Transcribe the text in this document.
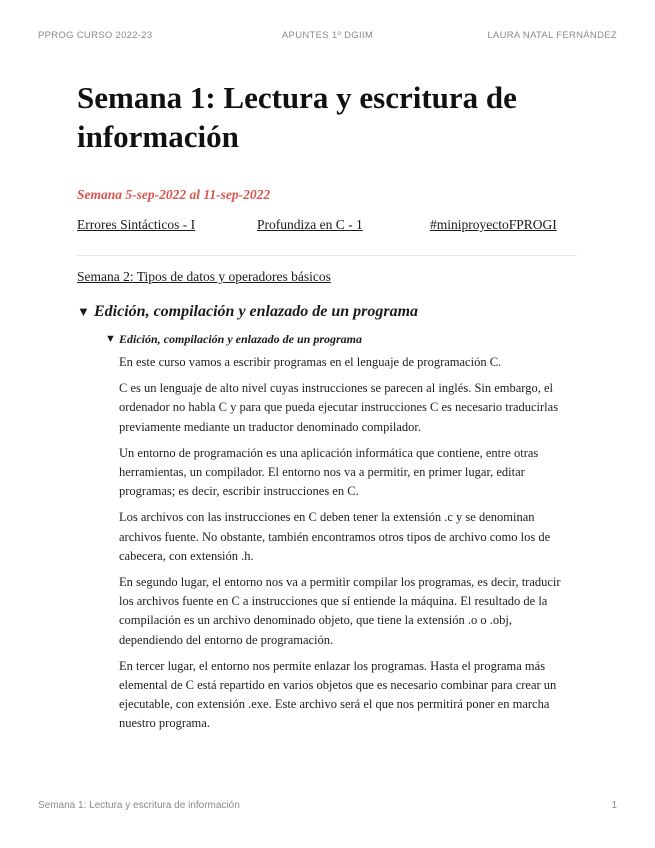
PPROG CURSO 2022-23	APUNTES 1º DGIIM	LAURA NATAL FERNÁNDEZ
Semana 1: Lectura y escritura de información
Semana 5-sep-2022 al 11-sep-2022
Errores Sintácticos - I	Profundiza en C - 1	#miniproyectoFPROGI
Semana 2: Tipos de datos y operadores básicos
▼ Edición, compilación y enlazado de un programa
▼ Edición, compilación y enlazado de un programa

En este curso vamos a escribir programas en el lenguaje de programación C.

C es un lenguaje de alto nivel cuyas instrucciones se parecen al inglés. Sin embargo, el ordenador no habla C y para que pueda ejecutar instrucciones C es necesario traducirlas previamente mediante un traductor denominado compilador.

Un entorno de programación es una aplicación informática que contiene, entre otras herramientas, un compilador. El entorno nos va a permitir, en primer lugar, editar programas; es decir, escribir instrucciones en C.

Los archivos con las instrucciones en C deben tener la extensión .c y se denominan archivos fuente. No obstante, también encontramos otros tipos de archivo como los de cabecera, con extensión .h.

En segundo lugar, el entorno nos va a permitir compilar los programas, es decir, traducir los archivos fuente en C a instrucciones que sí entiende la máquina. El resultado de la compilación es un archivo denominado objeto, que tiene la extensión .o o .obj, dependiendo del entorno de programación.

En tercer lugar, el entorno nos permite enlazar los programas. Hasta el programa más elemental de C está repartido en varios objetos que es necesario combinar para crear un ejecutable, con extensión .exe. Este archivo será el que nos permitirá poner en marcha nuestro programa.

Semana 1: Lectura y escritura de información	1
